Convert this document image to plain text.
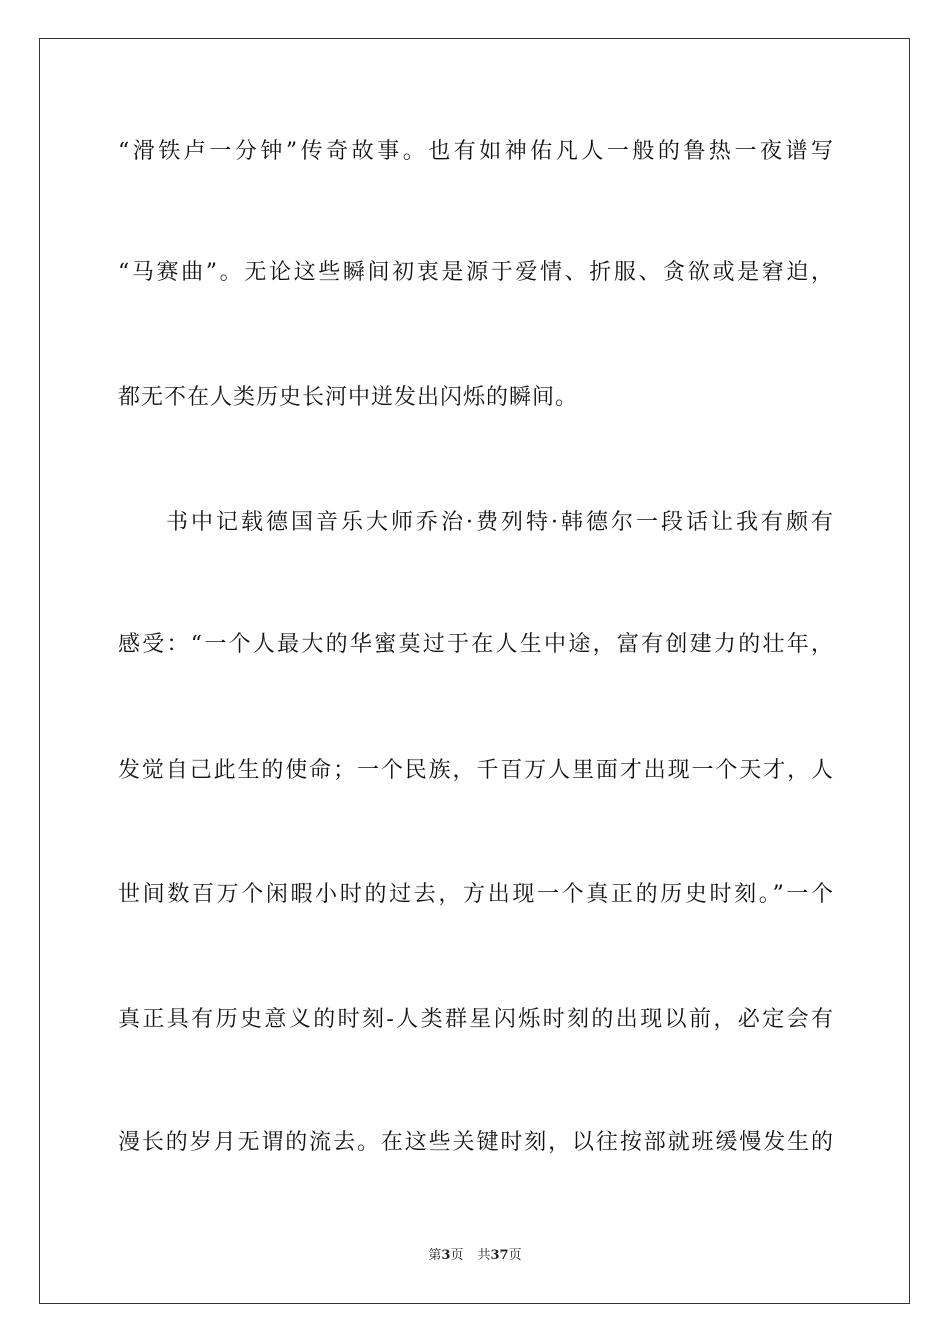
“滑铁卢一分钟”传奇故事。也有如神佑凡人一般的鲁热一夜谱写
“马赛曲”。无论这些瞬间初衷是源于爱情、折服、贪欲或是窘迫，
都无不在人类历史长河中迸发出闪烁的瞬间。
书中记载德国音乐大师乔治·费列特·韩德尔一段话让我有颇有
感受：“一个人最大的华蜜莫过于在人生中途，富有创建力的壮年，
发觉自己此生的使命；一个民族，千百万人里面才出现一个天才，人
世间数百万个闲暇小时的过去，方出现一个真正的历史时刻。”一个
真正具有历史意义的时刻-人类群星闪烁时刻的出现以前，必定会有
漫长的岁月无谓的流去。在这些关键时刻，以往按部就班缓慢发生的
第3页 共37页
